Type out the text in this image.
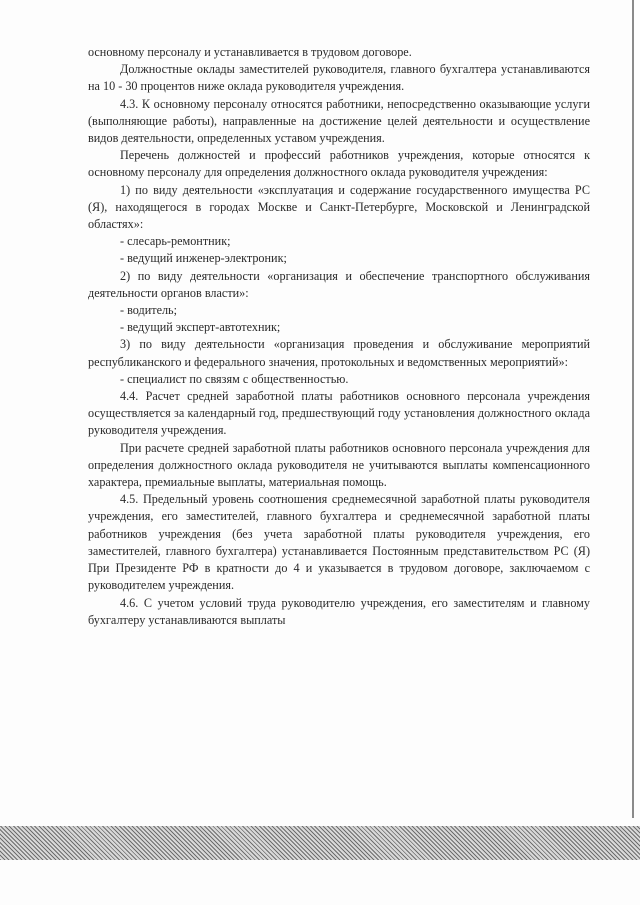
основному персоналу и устанавливается в трудовом договоре.

Должностные оклады заместителей руководителя, главного бухгалтера устанавливаются на 10 - 30 процентов ниже оклада руководителя учреждения.

4.3. К основному персоналу относятся работники, непосредственно оказывающие услуги (выполняющие работы), направленные на достижение целей деятельности и осуществление видов деятельности, определенных уставом учреждения.

Перечень должностей и профессий работников учреждения, которые относятся к основному персоналу для определения должностного оклада руководителя учреждения:

1) по виду деятельности «эксплуатация и содержание государственного имущества РС (Я), находящегося в городах Москве и Санкт-Петербурге, Московской и Ленинградской областях»:

- слесарь-ремонтник;

- ведущий инженер-электроник;

2) по виду деятельности «организация и обеспечение транспортного обслуживания деятельности органов власти»:

- водитель;

- ведущий эксперт-автотехник;

3) по виду деятельности «организация проведения и обслуживание мероприятий республиканского и федерального значения, протокольных и ведомственных мероприятий»:

- специалист по связям с общественностью.

4.4. Расчет средней заработной платы работников основного персонала учреждения осуществляется за календарный год, предшествующий году установления должностного оклада руководителя учреждения.

При расчете средней заработной платы работников основного персонала учреждения для определения должностного оклада руководителя не учитываются выплаты компенсационного характера, премиальные выплаты, материальная помощь.

4.5. Предельный уровень соотношения среднемесячной заработной платы руководителя учреждения, его заместителей, главного бухгалтера и среднемесячной заработной платы работников учреждения (без учета заработной платы руководителя учреждения, его заместителей, главного бухгалтера) устанавливается Постоянным представительством РС (Я) При Президенте РФ в кратности до 4 и указывается в трудовом договоре, заключаемом с руководителем учреждения.

4.6. С учетом условий труда руководителю учреждения, его заместителям и главному бухгалтеру устанавливаются выплаты
